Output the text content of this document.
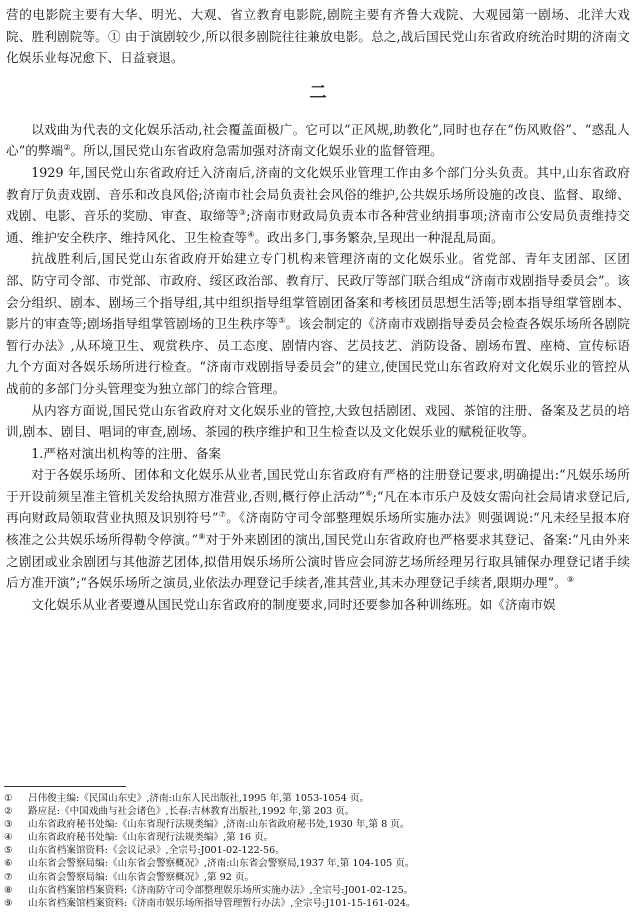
营的电影院主要有大华、明光、大观、省立教育电影院,剧院主要有齐鲁大戏院、大观园第一剧场、北洋大戏院、胜利剧院等。① 由于演剧较少,所以很多剧院往往兼放电影。总之,战后国民党山东省政府统治时期的济南文化娱乐业每况愈下、日益衰退。

二

以戏曲为代表的文化娱乐活动,社会覆盖面极广。它可以“正风规,助教化”,同时也存在“伤风败俗”、“惑乱人心”的弊端②。所以,国民党山东省政府急需加强对济南文化娱乐业的监督管理。

1929 年,国民党山东省政府迁入济南后,济南的文化娱乐业管理工作由多个部门分头负责。其中,山东省政府教育厅负责戏剧、音乐和改良风俗;济南市社会局负责社会风俗的维护,公共娱乐场所设施的改良、监督、取缔、戏剧、电影、音乐的奖励、审查、取缔等③;济南市财政局负责本市各种营业纳捐事项;济南市公安局负责维持交通、维护安全秩序、维持风化、卫生检查等④。政出多门,事务繁杂,呈现出一种混乱局面。

抗战胜利后,国民党山东省政府开始建立专门机构来管理济南的文化娱乐业。省党部、青年支团部、区团部、防守司令部、市党部、市政府、绥区政治部、教育厅、民政厅等部门联合组成“济南市戏剧指导委员会”。该会分组织、剧本、剧场三个指导组,其中组织指导组掌管剧团备案和考核团员思想生活等;剧本指导组掌管剧本、影片的审查等;剧场指导组掌管剧场的卫生秩序等⑤。该会制定的《济南市戏剧指导委员会检查各娱乐场所各剧院暂行办法》,从环境卫生、观赏秩序、员工态度、剧情内容、艺员技艺、消防设备、剧场布置、座椅、宣传标语九个方面对各娱乐场所进行检查。“济南市戏剧指导委员会”的建立,使国民党山东省政府对文化娱乐业的管控从战前的多部门分头管理变为独立部门的综合管理。

从内容方面说,国民党山东省政府对文化娱乐业的管控,大致包括剧团、戏园、茶馆的注册、备案及艺员的培训,剧本、剧目、唱词的审查,剧场、茶园的秩序维护和卫生检查以及文化娱乐业的赋税征收等。

1.严格对演出机构等的注册、备案

对于各娱乐场所、团体和文化娱乐从业者,国民党山东省政府有严格的注册登记要求,明确提出:“凡娱乐场所于开设前须呈准主管机关发给执照方准营业,否则,概行停止活动”⑥;“凡在本市乐户及妓女需向社会局请求登记后,再向财政局领取营业执照及识别符号”⑦。《济南防守司令部整理娱乐场所实施办法》则强调说:“凡未经呈报本府核准之公共娱乐场所得勒令停演。”⑧对于外来剧团的演出,国民党山东省政府也严格要求其登记、备案:“凡由外来之剧团或业余剧团与其他游艺团体,拟借用娱乐场所公演时皆应会同游艺场所经理另行取具铺保办理登记诸手续后方准开演”;“各娱乐场所之演员,业依法办理登记手续者,准其营业,其未办理登记手续者,限期办理”。⑨

文化娱乐从业者要遵从国民党山东省政府的制度要求,同时还要参加各种训练班。如《济南市娱

①	吕伟俊主编:《民国山东史》,济南:山东人民出版社,1995 年,第 1053-1054 页。
②	路应昆:《中国戏曲与社会诸色》,长春:吉林教育出版社,1992 年,第 203 页。
③	山东省政府秘书处编:《山东省现行法规类编》,济南:山东省政府秘书处,1930 年,第 8 页。
④	山东省政府秘书处编:《山东省现行法规类编》,第 16 页。
⑤	山东省档案馆资料:《会议记录》,全宗号:J001-02-122-56。
⑥	山东省会警察局编:《山东省会警察概况》,济南:山东省会警察局,1937 年,第 104-105 页。
⑦	山东省会警察局编:《山东省会警察概况》,第 92 页。
⑧	山东省档案馆档案资料:《济南防守司令部整理娱乐场所实施办法》,全宗号:J001-02-125。
⑨	山东省档案馆档案资料:《济南市娱乐场所指导管理暂行办法》,全宗号:J101-15-161-024。
